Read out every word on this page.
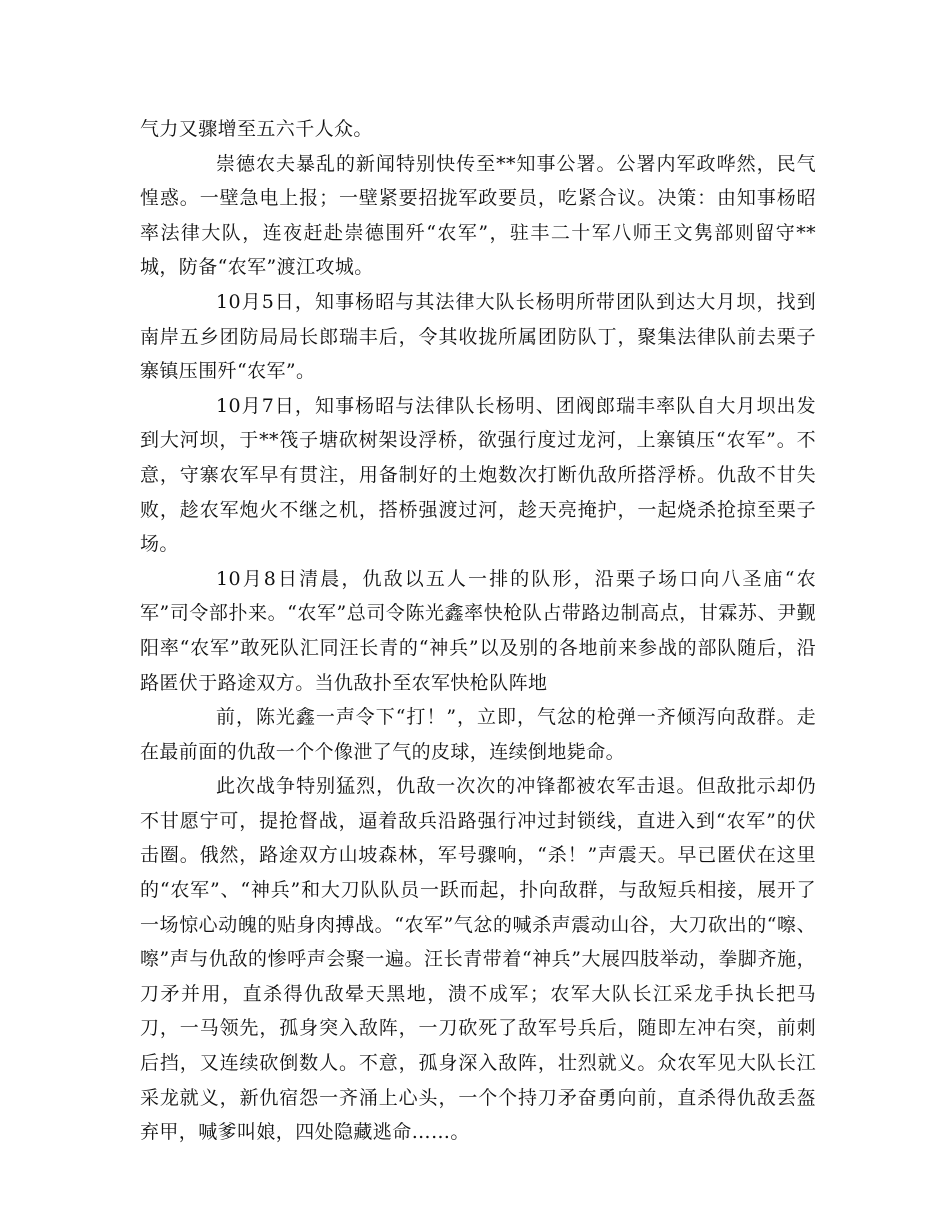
气力又骤增至五六千人众。

崇德农夫暴乱的新闻特别快传至**知事公署。公署内军政哗然，民气惶惑。一壁急电上报；一壁紧要招拢军政要员，吃紧合议。决策：由知事杨昭率法律大队，连夜赶赴崇德围歼“农军”，驻丰二十军八师王文隽部则留守**城，防备“农军”渡江攻城。

10月5日，知事杨昭与其法律大队长杨明所带团队到达大月坝，找到南岸五乡团防局局长郎瑞丰后，令其收拢所属团防队丁，聚集法律队前去栗子寨镇压围歼“农军”。

10月7日，知事杨昭与法律队长杨明、团阀郎瑞丰率队自大月坝出发到大河坝，于**筏子塘砍树架设浮桥，欲强行度过龙河，上寨镇压“农军”。不意，守寨农军早有贯注，用备制好的土炮数次打断仇敌所搭浮桥。仇敌不甘失败，趁农军炮火不继之机，搭桥强渡过河，趁天亮掩护，一起烧杀抢掠至栗子场。

10月8日清晨，仇敌以五人一排的队形，沿栗子场口向八圣庙“农军”司令部扑来。“农军”总司令陈光鑫率快枪队占带路边制高点，甘霖苏、尹觐阳率“农军”敢死队汇同汪长青的“神兵”以及别的各地前来参战的部队随后，沿路匿伏于路途双方。当仇敌扑至农军快枪队阵地

前，陈光鑫一声令下“打！”，立即，气忿的枪弹一齐倾泻向敌群。走在最前面的仇敌一个个像泄了气的皮球，连续倒地毙命。

此次战争特别猛烈，仇敌一次次的冲锋都被农军击退。但敌批示却仍不甘愿宁可，提抢督战，逼着敌兵沿路强行冲过封锁线，直进入到“农军”的伏击圈。俄然，路途双方山坡森林，军号骤响，“杀！”声震天。早已匿伏在这里的“农军”、“神兵”和大刀队队员一跃而起，扑向敌群，与敌短兵相接，展开了一场惊心动魄的贴身肉搏战。“农军”气忿的喊杀声震动山谷，大刀砍出的“嚓、嚓”声与仇敌的惨呼声会聚一遍。汪长青带着“神兵”大展四肢举动，拳脚齐施，刀矛并用，直杀得仇敌晕天黑地，溃不成军；农军大队长江采龙手执长把马刀，一马领先，孤身突入敌阵，一刀砍死了敌军号兵后，随即左冲右突，前刺后挡，又连续砍倒数人。不意，孤身深入敌阵，壮烈就义。众农军见大队长江采龙就义，新仇宿怨一齐涌上心头，一个个持刀矛奋勇向前，直杀得仇敌丢盔弃甲，喊爹叫娘，四处隐藏逃命……。
